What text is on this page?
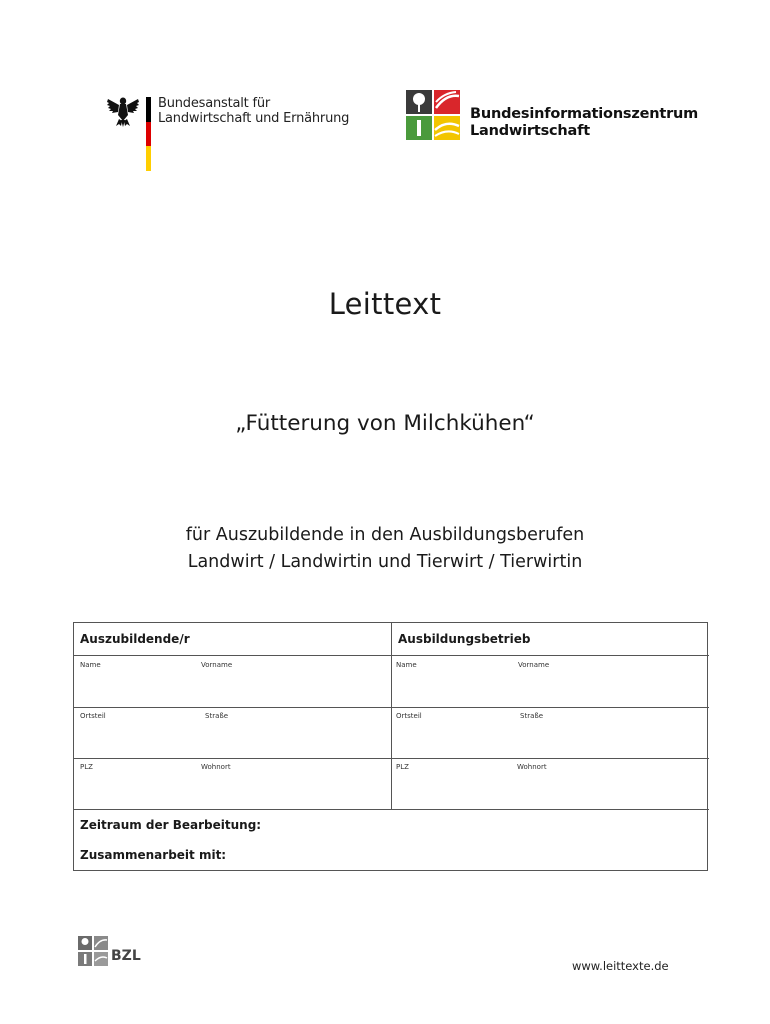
Bundesanstalt für
Landwirtschaft und Ernährung	Bundesinformationszentrum
Landwirtschaft
Leittext
„Fütterung von Milchkühen“
für Auszubildende in den Ausbildungsberufen
Landwirt / Landwirtin und Tierwirt / Tierwirtin
Auszubildende/r	Ausbildungsbetrieb
Name	Vorname	Name	Vorname
Ortsteil	Straße	Ortsteil	Straße
PLZ	Wohnort	PLZ	Wohnort
Zeitraum der Bearbeitung:
Zusammenarbeit mit:
BZL
www.leittexte.de
